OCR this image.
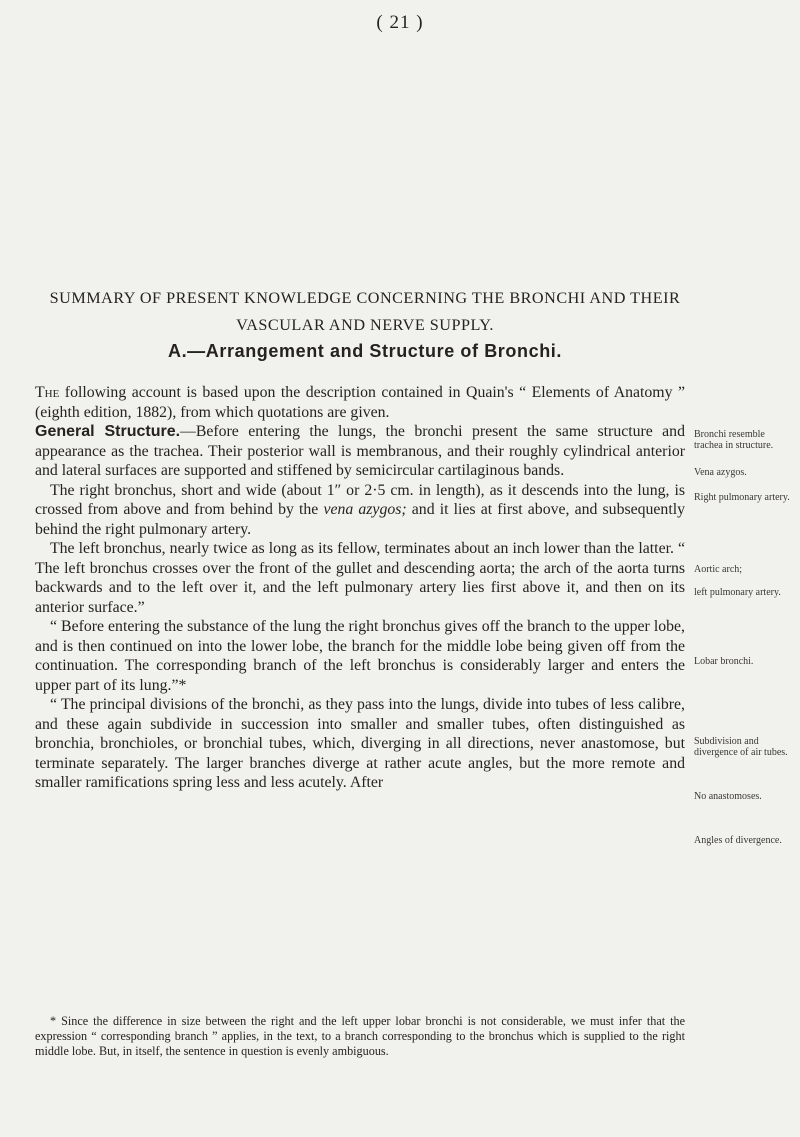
( 21 )
SUMMARY OF PRESENT KNOWLEDGE CONCERNING THE BRONCHI AND THEIR VASCULAR AND NERVE SUPPLY.
A.—Arrangement and Structure of Bronchi.

The following account is based upon the description contained in Quain's “ Elements of Anatomy ” (eighth edition, 1882), from which quotations are given.

General Structure.—Before entering the lungs, the bronchi present the same structure and appearance as the trachea. Their posterior wall is membranous, and their roughly cylindrical anterior and lateral surfaces are supported and stiffened by semicircular cartilaginous bands.

The right bronchus, short and wide (about 1″ or 2·5 cm. in length), as it descends into the lung, is crossed from above and from behind by the vena azygos; and it lies at first above, and subsequently behind the right pulmonary artery.

The left bronchus, nearly twice as long as its fellow, terminates about an inch lower than the latter. “ The left bronchus crosses over the front of the gullet and descending aorta; the arch of the aorta turns backwards and to the left over it, and the left pulmonary artery lies first above it, and then on its anterior surface.”

“ Before entering the substance of the lung the right bronchus gives off the branch to the upper lobe, and is then continued on into the lower lobe, the branch for the middle lobe being given off from the continuation. The corresponding branch of the left bronchus is considerably larger and enters the upper part of its lung.”*

“ The principal divisions of the bronchi, as they pass into the lungs, divide into tubes of less calibre, and these again subdivide in succession into smaller and smaller tubes, often distinguished as bronchia, bronchioles, or bronchial tubes, which, diverging in all directions, never anastomose, but terminate separately. The larger branches diverge at rather acute angles, but the more remote and smaller ramifications spring less and less acutely. After

* Since the difference in size between the right and the left upper lobar bronchi is not considerable, we must infer that the expression “ corresponding branch ” applies, in the text, to a branch corresponding to the bronchus which is supplied to the right middle lobe. But, in itself, the sentence in question is evenly ambiguous.

Bronchi resemble trachea in structure.
Vena azygos.
Right pulmonary artery.
Aortic arch;
left pulmonary artery.
Lobar bronchi.
Subdivision and divergence of air tubes.
No anastomoses.
Angles of divergence.
